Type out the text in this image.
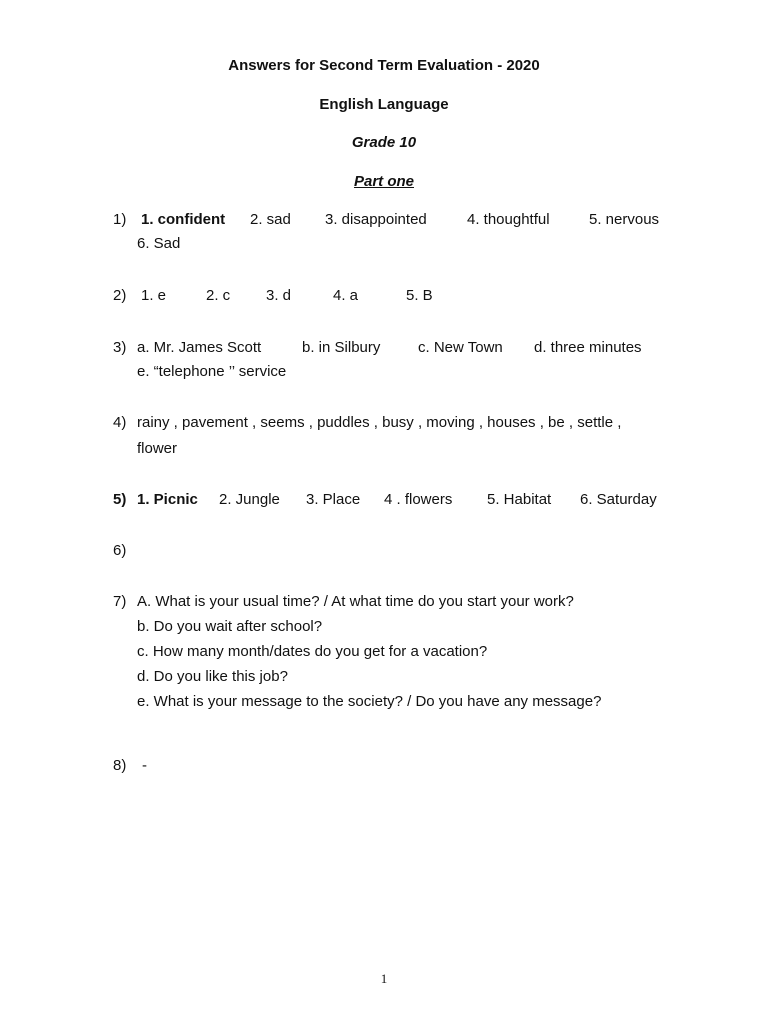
Answers for Second Term Evaluation - 2020
English Language
Grade 10
Part one
1) 1. confident 2. sad 3. disappointed	4. thoughtful	5. nervous
6. Sad
2) 1. e	2. c 3. d	4. a	5. B
3) a. Mr. James Scott	b. in Silbury	c. New Town d. three minutes
e. “telephone ’’ service
4) rainy , pavement , seems , puddles , busy , moving , houses , be , settle ,
flower
5) 1. Picnic 2. Jungle 3. Place 4 . flowers 5. Habitat 6. Saturday
6)
7) A. What is your usual time? / At what time do you start your work?
b. Do you wait after school?
c. How many month/dates do you get for a vacation?
d. Do you like this job?
e. What is your message to the society? / Do you have any message?
8)	-
1
